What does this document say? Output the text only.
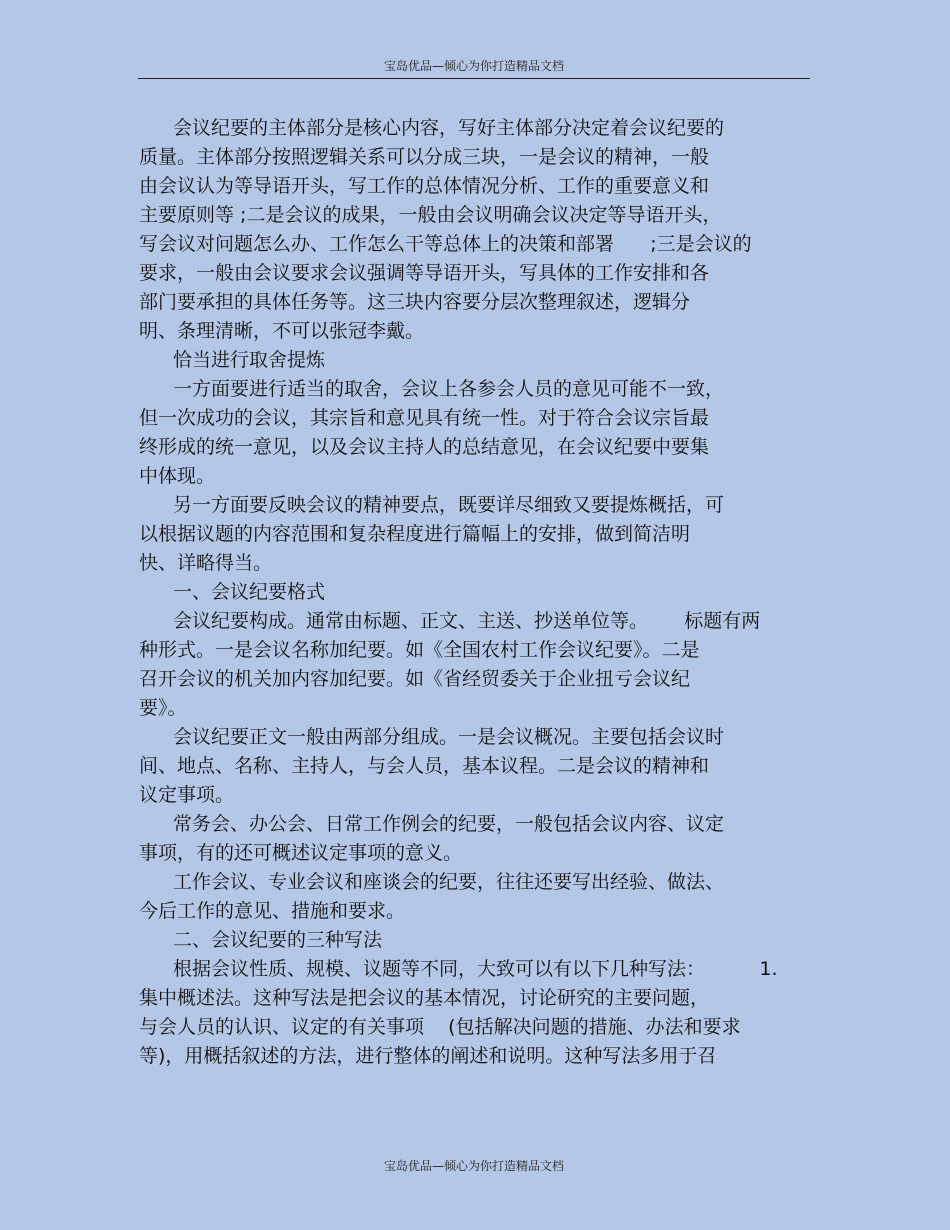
宝岛优品—倾心为你打造精品文档
会议纪要的主体部分是核心内容，写好主体部分决定着会议纪要的
质量。主体部分按照逻辑关系可以分成三块，一是会议的精神，一般
由会议认为等导语开头，写工作的总体情况分析、工作的重要意义和
主要原则等 ;二是会议的成果，一般由会议明确会议决定等导语开头，
写会议对问题怎么办、工作怎么干等总体上的决策和部署      ;三是会议的
要求，一般由会议要求会议强调等导语开头，写具体的工作安排和各
部门要承担的具体任务等。这三块内容要分层次整理叙述，逻辑分
明、条理清晰，不可以张冠李戴。
恰当进行取舍提炼
一方面要进行适当的取舍，会议上各参会人员的意见可能不一致，
但一次成功的会议，其宗旨和意见具有统一性。对于符合会议宗旨最
终形成的统一意见，以及会议主持人的总结意见，在会议纪要中要集
中体现。
另一方面要反映会议的精神要点，既要详尽细致又要提炼概括，可
以根据议题的内容范围和复杂程度进行篇幅上的安排，做到简洁明
快、详略得当。
一、会议纪要格式
会议纪要构成。通常由标题、正文、主送、抄送单位等。      标题有两
种形式。一是会议名称加纪要。如《全国农村工作会议纪要》。二是
召开会议的机关加内容加纪要。如《省经贸委关于企业扭亏会议纪
要》。
会议纪要正文一般由两部分组成。一是会议概况。主要包括会议时
间、地点、名称、主持人，与会人员，基本议程。二是会议的精神和
议定事项。
常务会、办公会、日常工作例会的纪要，一般包括会议内容、议定
事项，有的还可概述议定事项的意义。
工作会议、专业会议和座谈会的纪要，往往还要写出经验、做法、
今后工作的意见、措施和要求。
二、会议纪要的三种写法
根据会议性质、规模、议题等不同，大致可以有以下几种写法：         1.
集中概述法。这种写法是把会议的基本情况，讨论研究的主要问题，
与会人员的认识、议定的有关事项    (包括解决问题的措施、办法和要求
等)，用概括叙述的方法，进行整体的阐述和说明。这种写法多用于召
宝岛优品—倾心为你打造精品文档
